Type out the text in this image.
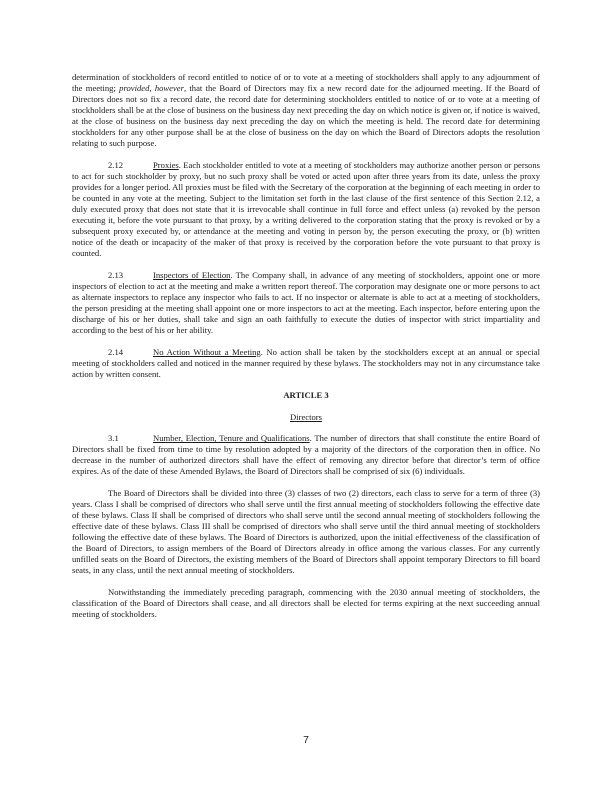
determination of stockholders of record entitled to notice of or to vote at a meeting of stockholders shall apply to any adjournment of the meeting; provided, however, that the Board of Directors may fix a new record date for the adjourned meeting. If the Board of Directors does not so fix a record date, the record date for determining stockholders entitled to notice of or to vote at a meeting of stockholders shall be at the close of business on the business day next preceding the day on which notice is given or, if notice is waived, at the close of business on the business day next preceding the day on which the meeting is held. The record date for determining stockholders for any other purpose shall be at the close of business on the day on which the Board of Directors adopts the resolution relating to such purpose.

2.12	Proxies. Each stockholder entitled to vote at a meeting of stockholders may authorize another person or persons to act for such stockholder by proxy, but no such proxy shall be voted or acted upon after three years from its date, unless the proxy provides for a longer period. All proxies must be filed with the Secretary of the corporation at the beginning of each meeting in order to be counted in any vote at the meeting. Subject to the limitation set forth in the last clause of the first sentence of this Section 2.12, a duly executed proxy that does not state that it is irrevocable shall continue in full force and effect unless (a) revoked by the person executing it, before the vote pursuant to that proxy, by a writing delivered to the corporation stating that the proxy is revoked or by a subsequent proxy executed by, or attendance at the meeting and voting in person by, the person executing the proxy, or (b) written notice of the death or incapacity of the maker of that proxy is received by the corporation before the vote pursuant to that proxy is counted.

2.13	Inspectors of Election. The Company shall, in advance of any meeting of stockholders, appoint one or more inspectors of election to act at the meeting and make a written report thereof. The corporation may designate one or more persons to act as alternate inspectors to replace any inspector who fails to act. If no inspector or alternate is able to act at a meeting of stockholders, the person presiding at the meeting shall appoint one or more inspectors to act at the meeting. Each inspector, before entering upon the discharge of his or her duties, shall take and sign an oath faithfully to execute the duties of inspector with strict impartiality and according to the best of his or her ability.

2.14	No Action Without a Meeting. No action shall be taken by the stockholders except at an annual or special meeting of stockholders called and noticed in the manner required by these bylaws. The stockholders may not in any circumstance take action by written consent.

ARTICLE 3
Directors

3.1	Number, Election, Tenure and Qualifications. The number of directors that shall constitute the entire Board of Directors shall be fixed from time to time by resolution adopted by a majority of the directors of the corporation then in office. No decrease in the number of authorized directors shall have the effect of removing any director before that director’s term of office expires. As of the date of these Amended Bylaws, the Board of Directors shall be comprised of six (6) individuals.

The Board of Directors shall be divided into three (3) classes of two (2) directors, each class to serve for a term of three (3) years. Class I shall be comprised of directors who shall serve until the first annual meeting of stockholders following the effective date of these bylaws. Class II shall be comprised of directors who shall serve until the second annual meeting of stockholders following the effective date of these bylaws. Class III shall be comprised of directors who shall serve until the third annual meeting of stockholders following the effective date of these bylaws. The Board of Directors is authorized, upon the initial effectiveness of the classification of the Board of Directors, to assign members of the Board of Directors already in office among the various classes. For any currently unfilled seats on the Board of Directors, the existing members of the Board of Directors shall appoint temporary Directors to fill board seats, in any class, until the next annual meeting of stockholders.

Notwithstanding the immediately preceding paragraph, commencing with the 2030 annual meeting of stockholders, the classification of the Board of Directors shall cease, and all directors shall be elected for terms expiring at the next succeeding annual meeting of stockholders.

7
